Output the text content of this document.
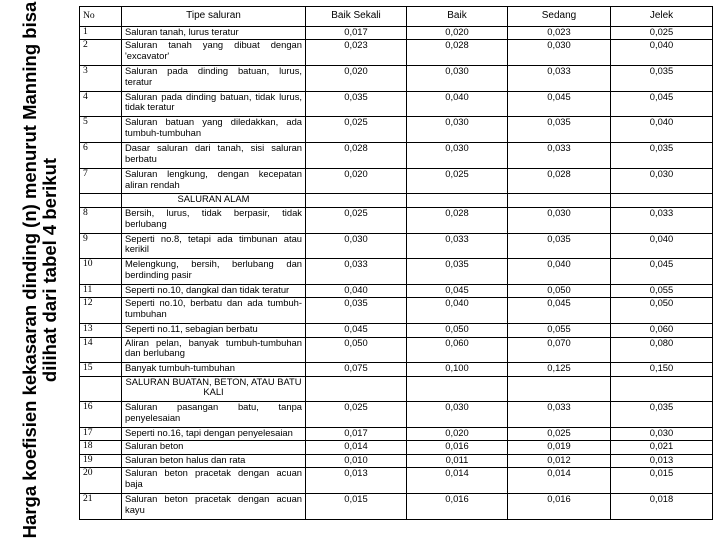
Harga koefisien kekasaran dinding (n) menurut Manning bisa dilihat dari tabel 4 berikut
No	Tipe saluran	Baik Sekali	Baik	Sedang	Jelek
1	Saluran tanah, lurus teratur	0,017	0,020	0,023	0,025
2	Saluran tanah yang dibuat dengan 'excavator'	0,023	0,028	0,030	0,040
3	Saluran pada dinding batuan, lurus, teratur	0,020	0,030	0,033	0,035
4	Saluran pada dinding batuan, tidak lurus, tidak teratur	0,035	0,040	0,045	0,045
5	Saluran batuan yang diledakkan, ada tumbuh-tumbuhan	0,025	0,030	0,035	0,040
6	Dasar saluran dari tanah, sisi saluran berbatu	0,028	0,030	0,033	0,035
7	Saluran lengkung, dengan kecepatan aliran rendah	0,020	0,025	0,028	0,030
	SALURAN ALAM				
8	Bersih, lurus, tidak berpasir, tidak berlubang	0,025	0,028	0,030	0,033
9	Seperti no.8, tetapi ada timbunan atau kerikil	0,030	0,033	0,035	0,040
10	Melengkung, bersih, berlubang dan berdinding pasir	0,033	0,035	0,040	0,045
11	Seperti no.10, dangkal dan tidak teratur	0,040	0,045	0,050	0,055
12	Seperti no.10, berbatu dan ada tumbuh-tumbuhan	0,035	0,040	0,045	0,050
13	Seperti no.11, sebagian berbatu	0,045	0,050	0,055	0,060
14	Aliran pelan, banyak tumbuh-tumbuhan dan berlubang	0,050	0,060	0,070	0,080
15	Banyak tumbuh-tumbuhan	0,075	0,100	0,125	0,150
	SALURAN BUATAN, BETON, ATAU BATU KALI				
16	Saluran pasangan batu, tanpa penyelesaian	0,025	0,030	0,033	0,035
17	Seperti no.16, tapi dengan penyelesaian	0,017	0,020	0,025	0,030
18	Saluran beton	0,014	0,016	0,019	0,021
19	Saluran beton halus dan rata	0,010	0,011	0,012	0,013
20	Saluran beton pracetak dengan acuan baja	0,013	0,014	0,014	0,015
21	Saluran beton pracetak dengan acuan kayu	0,015	0,016	0,016	0,018
